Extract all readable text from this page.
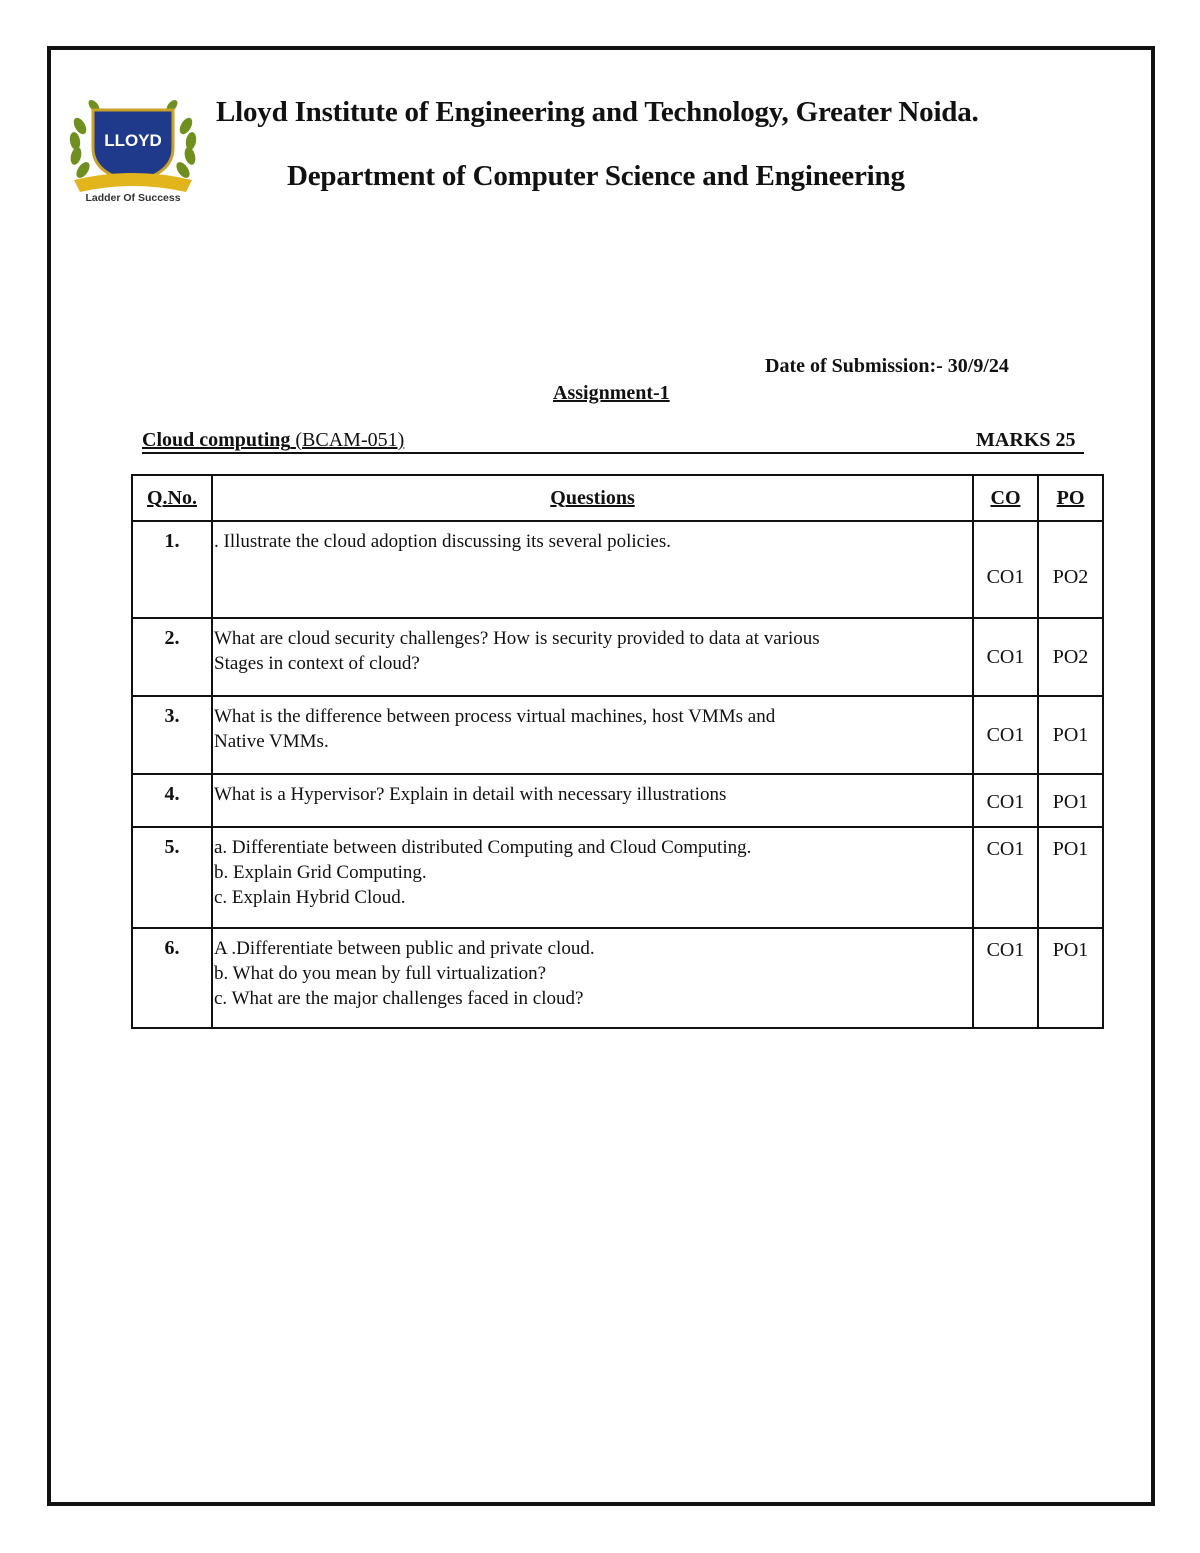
LLOYD
Ladder Of Success
Lloyd Institute of Engineering and Technology, Greater Noida.
Department of Computer Science and Engineering
Date of Submission:- 30/9/24
Assignment-1
Cloud computing (BCAM-051)	MARKS 25
Q.No.	Questions	CO	PO
1.	. Illustrate the cloud adoption discussing its several policies.	CO1	PO2
2.	What are cloud security challenges? How is security provided to data at various
Stages in context of cloud?	CO1	PO2
3.	What is the difference between process virtual machines, host VMMs and
Native VMMs.	CO1	PO1
4.	What is a Hypervisor? Explain in detail with necessary illustrations	CO1	PO1
5.	a. Differentiate between distributed Computing and Cloud Computing.
b. Explain Grid Computing.
c. Explain Hybrid Cloud.	CO1	PO1
6.	A .Differentiate between public and private cloud.
b. What do you mean by full virtualization?
c. What are the major challenges faced in cloud?	CO1	PO1
